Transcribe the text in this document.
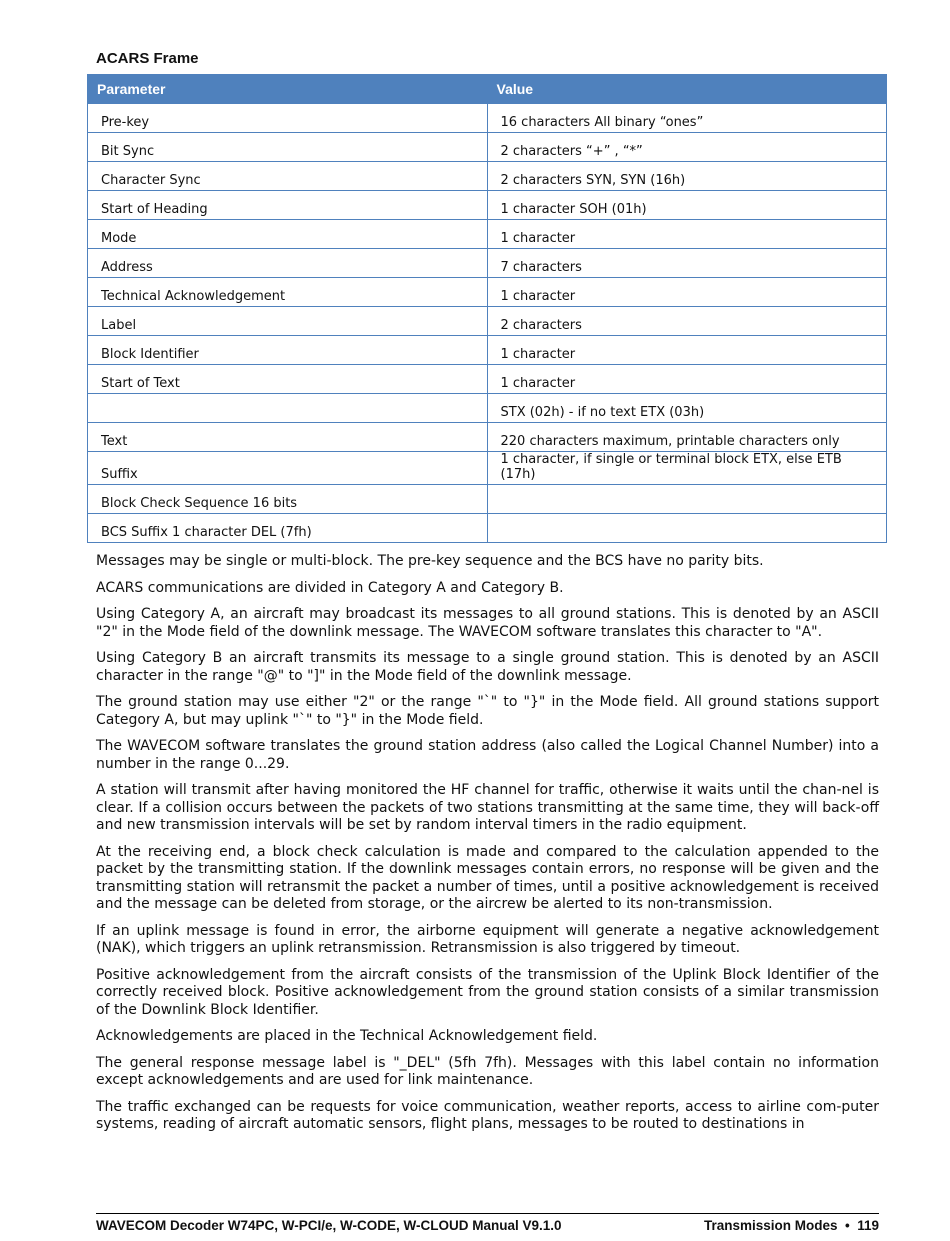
ACARS Frame
Parameter	Value
Pre-key	16 characters All binary “ones”
Bit Sync	2 characters “+” , “*”
Character Sync	2 characters SYN, SYN (16h)
Start of Heading	1 character SOH (01h)
Mode	1 character
Address	7 characters
Technical Acknowledgement	1 character
Label	2 characters
Block Identifier	1 character
Start of Text	1 character
	STX (02h) - if no text ETX (03h)
Text	220 characters maximum, printable characters only
Suffix	1 character, if single or terminal block ETX, else ETB (17h)
Block Check Sequence 16 bits	
BCS Suffix 1 character DEL (7fh)	

Messages may be single or multi-block. The pre-key sequence and the BCS have no parity bits.

ACARS communications are divided in Category A and Category B.

Using Category A, an aircraft may broadcast its messages to all ground stations. This is denoted by an ASCII "2" in the Mode field of the downlink message. The WAVECOM software translates this character to "A".

Using Category B an aircraft transmits its message to a single ground station. This is denoted by an ASCII character in the range "@" to "]" in the Mode field of the downlink message.

The ground station may use either "2" or the range "`" to "}" in the Mode field. All ground stations support Category A, but may uplink "`" to "}" in the Mode field.

The WAVECOM software translates the ground station address (also called the Logical Channel Number) into a number in the range 0...29.

A station will transmit after having monitored the HF channel for traffic, otherwise it waits until the chan-nel is clear. If a collision occurs between the packets of two stations transmitting at the same time, they will back-off and new transmission intervals will be set by random interval timers in the radio equipment.

At the receiving end, a block check calculation is made and compared to the calculation appended to the packet by the transmitting station. If the downlink messages contain errors, no response will be given and the transmitting station will retransmit the packet a number of times, until a positive acknowledgement is received and the message can be deleted from storage, or the aircrew be alerted to its non-transmission.

If an uplink message is found in error, the airborne equipment will generate a negative acknowledgement (NAK), which triggers an uplink retransmission. Retransmission is also triggered by timeout.

Positive acknowledgement from the aircraft consists of the transmission of the Uplink Block Identifier of the correctly received block. Positive acknowledgement from the ground station consists of a similar transmission of the Downlink Block Identifier.

Acknowledgements are placed in the Technical Acknowledgement field.

The general response message label is "_DEL" (5fh 7fh). Messages with this label contain no information except acknowledgements and are used for link maintenance.

The traffic exchanged can be requests for voice communication, weather reports, access to airline com-puter systems, reading of aircraft automatic sensors, flight plans, messages to be routed to destinations in

WAVECOM Decoder W74PC, W-PCI/e, W-CODE, W-CLOUD Manual V9.1.0	Transmission Modes  •  119
